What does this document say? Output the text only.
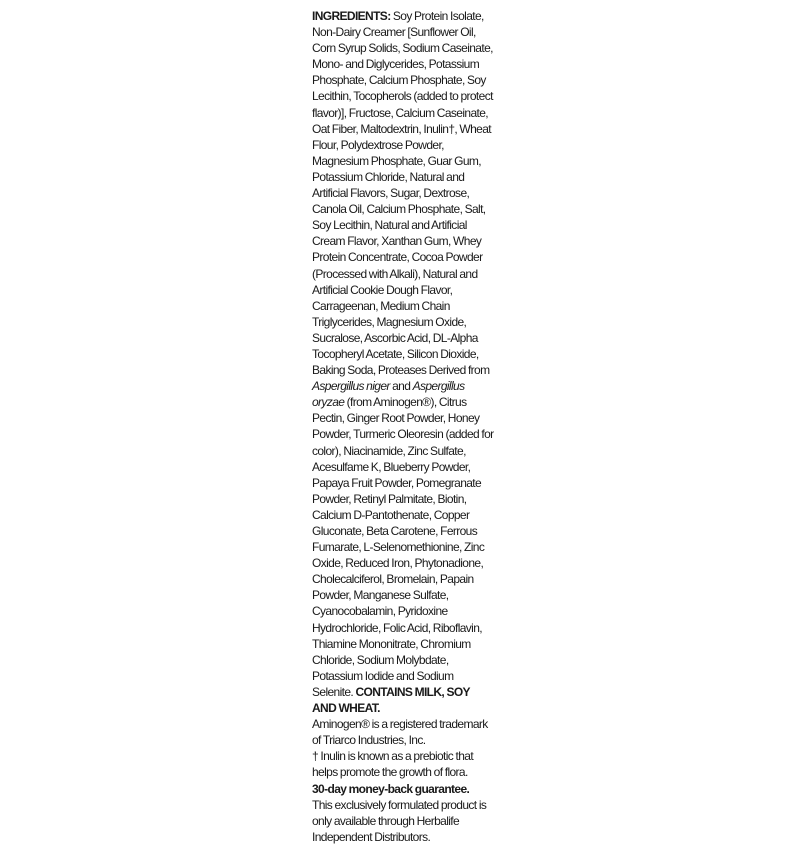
INGREDIENTS: Soy Protein Isolate, Non-Dairy Creamer [Sunflower Oil, Corn Syrup Solids, Sodium Caseinate, Mono- and Diglycerides, Potassium Phosphate, Calcium Phosphate, Soy Lecithin, Tocopherols (added to protect flavor)], Fructose, Calcium Caseinate, Oat Fiber, Maltodextrin, Inulin†, Wheat Flour, Polydextrose Powder, Magnesium Phosphate, Guar Gum, Potassium Chloride, Natural and Artificial Flavors, Sugar, Dextrose, Canola Oil, Calcium Phosphate, Salt, Soy Lecithin, Natural and Artificial Cream Flavor, Xanthan Gum, Whey Protein Concentrate, Cocoa Powder (Processed with Alkali), Natural and Artificial Cookie Dough Flavor, Carrageenan, Medium Chain Triglycerides, Magnesium Oxide, Sucralose, Ascorbic Acid, DL-Alpha Tocopheryl Acetate, Silicon Dioxide, Baking Soda, Proteases Derived from Aspergillus niger and Aspergillus oryzae (from Aminogen®), Citrus Pectin, Ginger Root Powder, Honey Powder, Turmeric Oleoresin (added for color), Niacinamide, Zinc Sulfate, Acesulfame K, Blueberry Powder, Papaya Fruit Powder, Pomegranate Powder, Retinyl Palmitate, Biotin, Calcium D-Pantothenate, Copper Gluconate, Beta Carotene, Ferrous Fumarate, L-Selenomethionine, Zinc Oxide, Reduced Iron, Phytonadione, Cholecalciferol, Bromelain, Papain Powder, Manganese Sulfate, Cyanocobalamin, Pyridoxine Hydrochloride, Folic Acid, Riboflavin, Thiamine Mononitrate, Chromium Chloride, Sodium Molybdate, Potassium Iodide and Sodium Selenite. CONTAINS MILK, SOY AND WHEAT.

Aminogen® is a registered trademark of Triarco Industries, Inc.

† Inulin is known as a prebiotic that helps promote the growth of flora.

30-day money-back guarantee.

This exclusively formulated product is only available through Herbalife Independent Distributors.
